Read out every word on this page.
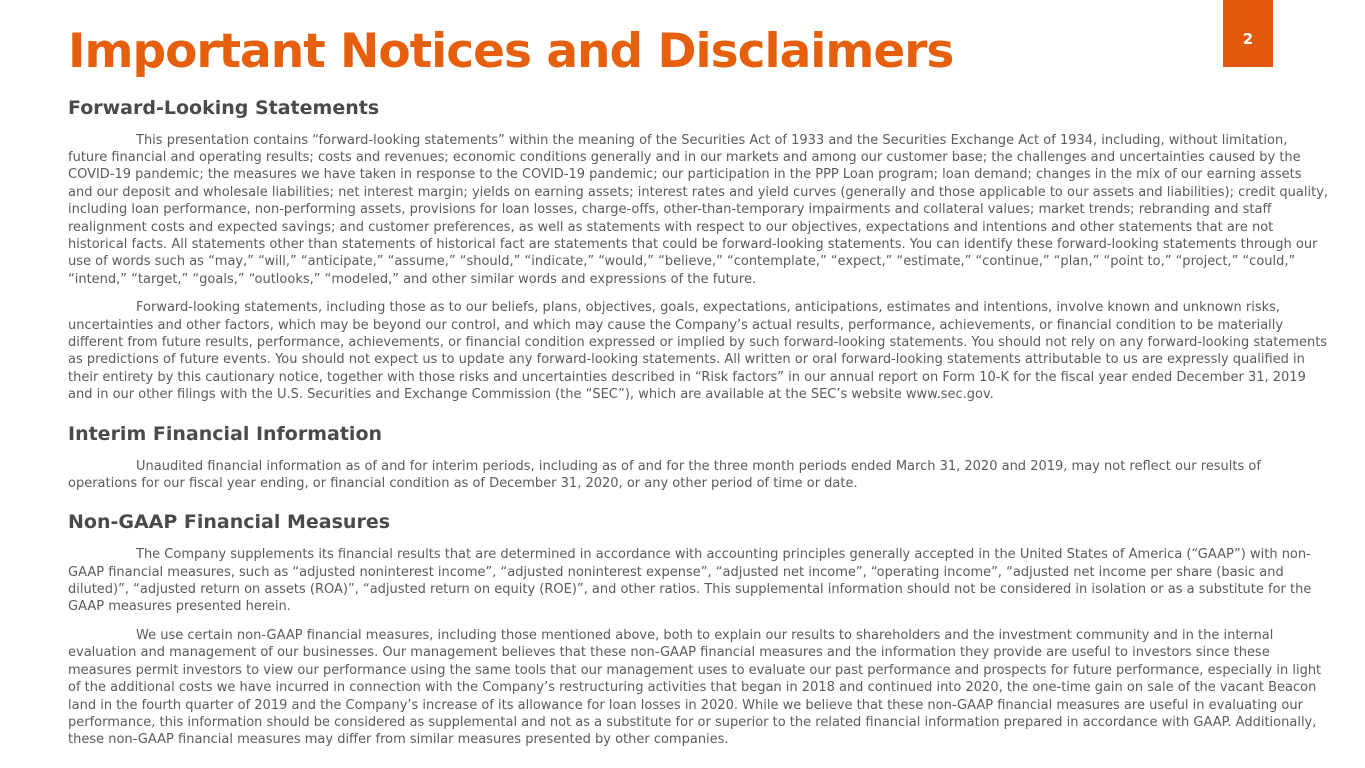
2
Important Notices and Disclaimers
Forward-Looking Statements

This presentation contains “forward-looking statements” within the meaning of the Securities Act of 1933 and the Securities Exchange Act of 1934, including, without limitation, future financial and operating results; costs and revenues; economic conditions generally and in our markets and among our customer base; the challenges and uncertainties caused by the COVID-19 pandemic; the measures we have taken in response to the COVID-19 pandemic; our participation in the PPP Loan program; loan demand; changes in the mix of our earning assets and our deposit and wholesale liabilities; net interest margin; yields on earning assets; interest rates and yield curves (generally and those applicable to our assets and liabilities); credit quality, including loan performance, non-performing assets, provisions for loan losses, charge-offs, other-than-temporary impairments and collateral values; market trends; rebranding and staff realignment costs and expected savings; and customer preferences, as well as statements with respect to our objectives, expectations and intentions and other statements that are not historical facts. All statements other than statements of historical fact are statements that could be forward-looking statements. You can identify these forward-looking statements through our use of words such as “may,” “will,” “anticipate,” “assume,” “should,” “indicate,” “would,” “believe,” “contemplate,” “expect,” “estimate,” “continue,” “plan,” “point to,” “project,” “could,” “intend,” “target,” “goals,” “outlooks,” “modeled,” and other similar words and expressions of the future.

Forward-looking statements, including those as to our beliefs, plans, objectives, goals, expectations, anticipations, estimates and intentions, involve known and unknown risks, uncertainties and other factors, which may be beyond our control, and which may cause the Company’s actual results, performance, achievements, or financial condition to be materially different from future results, performance, achievements, or financial condition expressed or implied by such forward-looking statements. You should not rely on any forward-looking statements as predictions of future events. You should not expect us to update any forward-looking statements. All written or oral forward-looking statements attributable to us are expressly qualified in their entirety by this cautionary notice, together with those risks and uncertainties described in “Risk factors” in our annual report on Form 10-K for the fiscal year ended December 31, 2019 and in our other filings with the U.S. Securities and Exchange Commission (the “SEC”), which are available at the SEC’s website www.sec.gov.

Interim Financial Information

Unaudited financial information as of and for interim periods, including as of and for the three month periods ended March 31, 2020 and 2019, may not reflect our results of operations for our fiscal year ending, or financial condition as of December 31, 2020, or any other period of time or date.

Non-GAAP Financial Measures

The Company supplements its financial results that are determined in accordance with accounting principles generally accepted in the United States of America (“GAAP”) with non-GAAP financial measures, such as “adjusted noninterest income”, “adjusted noninterest expense”, “adjusted net income”, “operating income”, “adjusted net income per share (basic and diluted)”, “adjusted return on assets (ROA)”, “adjusted return on equity (ROE)”, and other ratios. This supplemental information should not be considered in isolation or as a substitute for the GAAP measures presented herein.

We use certain non-GAAP financial measures, including those mentioned above, both to explain our results to shareholders and the investment community and in the internal evaluation and management of our businesses. Our management believes that these non-GAAP financial measures and the information they provide are useful to investors since these measures permit investors to view our performance using the same tools that our management uses to evaluate our past performance and prospects for future performance, especially in light of the additional costs we have incurred in connection with the Company’s restructuring activities that began in 2018 and continued into 2020, the one-time gain on sale of the vacant Beacon land in the fourth quarter of 2019 and the Company’s increase of its allowance for loan losses in 2020. While we believe that these non-GAAP financial measures are useful in evaluating our performance, this information should be considered as supplemental and not as a substitute for or superior to the related financial information prepared in accordance with GAAP. Additionally, these non-GAAP financial measures may differ from similar measures presented by other companies.
